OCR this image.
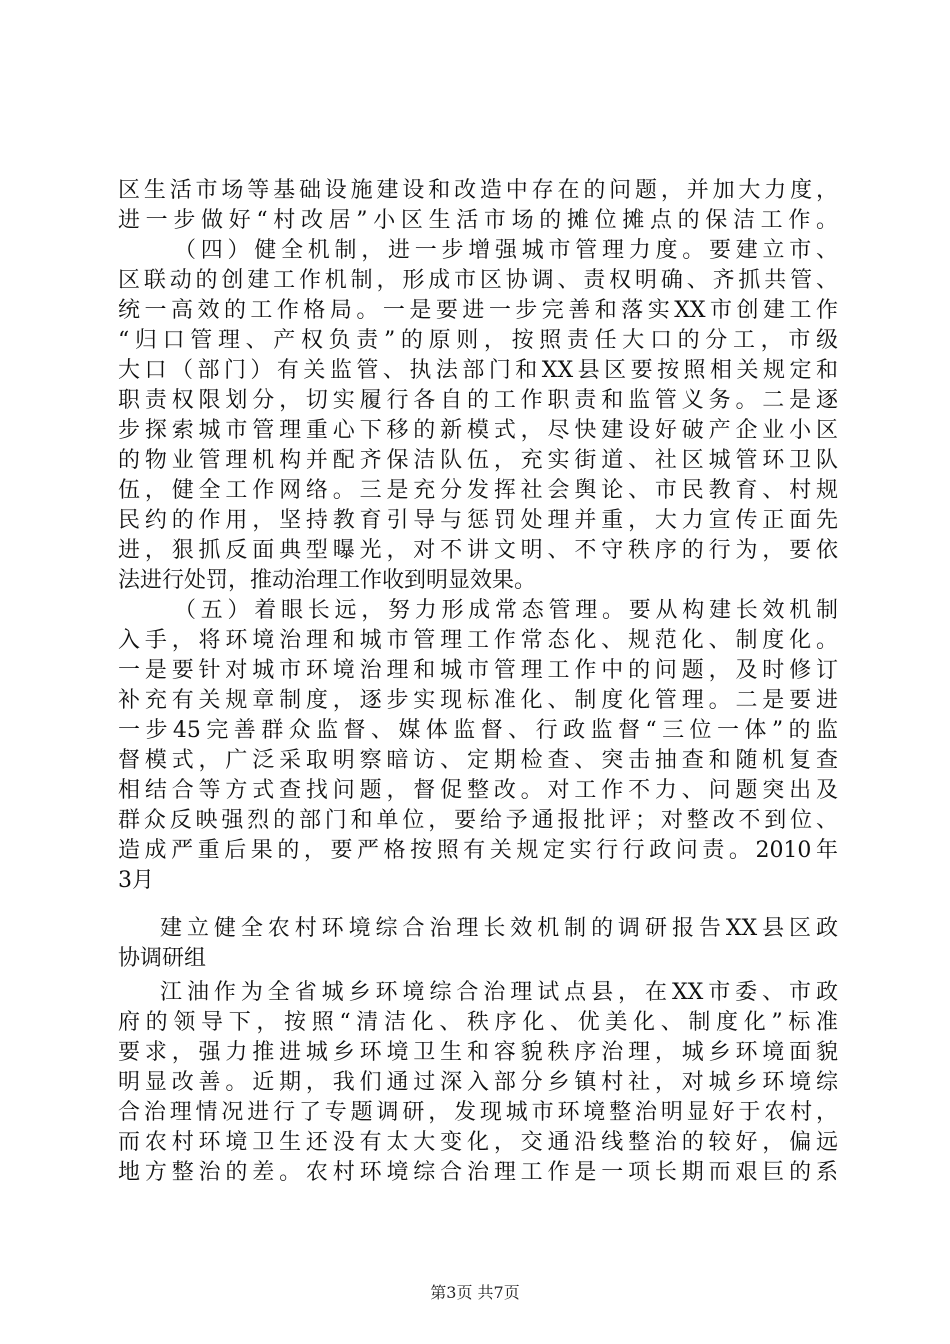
区生活市场等基础设施建设和改造中存在的问题，并加大力度，
进一步做好“村改居”小区生活市场的摊位摊点的保洁工作。
（四）健全机制，进一步增强城市管理力度。要建立市、
区联动的创建工作机制，形成市区协调、责权明确、齐抓共管、
统一高效的工作格局。一是要进一步完善和落实XX市创建工作
“归口管理、产权负责”的原则，按照责任大口的分工，市级
大口（部门）有关监管、执法部门和XX县区要按照相关规定和
职责权限划分，切实履行各自的工作职责和监管义务。二是逐
步探索城市管理重心下移的新模式，尽快建设好破产企业小区
的物业管理机构并配齐保洁队伍，充实街道、社区城管环卫队
伍，健全工作网络。三是充分发挥社会舆论、市民教育、村规
民约的作用，坚持教育引导与惩罚处理并重，大力宣传正面先
进，狠抓反面典型曝光，对不讲文明、不守秩序的行为，要依
法进行处罚，推动治理工作收到明显效果。
（五）着眼长远，努力形成常态管理。要从构建长效机制
入手，将环境治理和城市管理工作常态化、规范化、制度化。
一是要针对城市环境治理和城市管理工作中的问题，及时修订
补充有关规章制度，逐步实现标准化、制度化管理。二是要进
一步45完善群众监督、媒体监督、行政监督“三位一体”的监
督模式，广泛采取明察暗访、定期检查、突击抽查和随机复查
相结合等方式查找问题，督促整改。对工作不力、问题突出及
群众反映强烈的部门和单位，要给予通报批评；对整改不到位、
造成严重后果的，要严格按照有关规定实行行政问责。2010年
3月
建立健全农村环境综合治理长效机制的调研报告XX县区政
协调研组
江油作为全省城乡环境综合治理试点县，在XX市委、市政
府的领导下，按照“清洁化、秩序化、优美化、制度化”标准
要求，强力推进城乡环境卫生和容貌秩序治理，城乡环境面貌
明显改善。近期，我们通过深入部分乡镇村社，对城乡环境综
合治理情况进行了专题调研，发现城市环境整治明显好于农村，
而农村环境卫生还没有太大变化，交通沿线整治的较好，偏远
地方整治的差。农村环境综合治理工作是一项长期而艰巨的系
第3页 共7页
